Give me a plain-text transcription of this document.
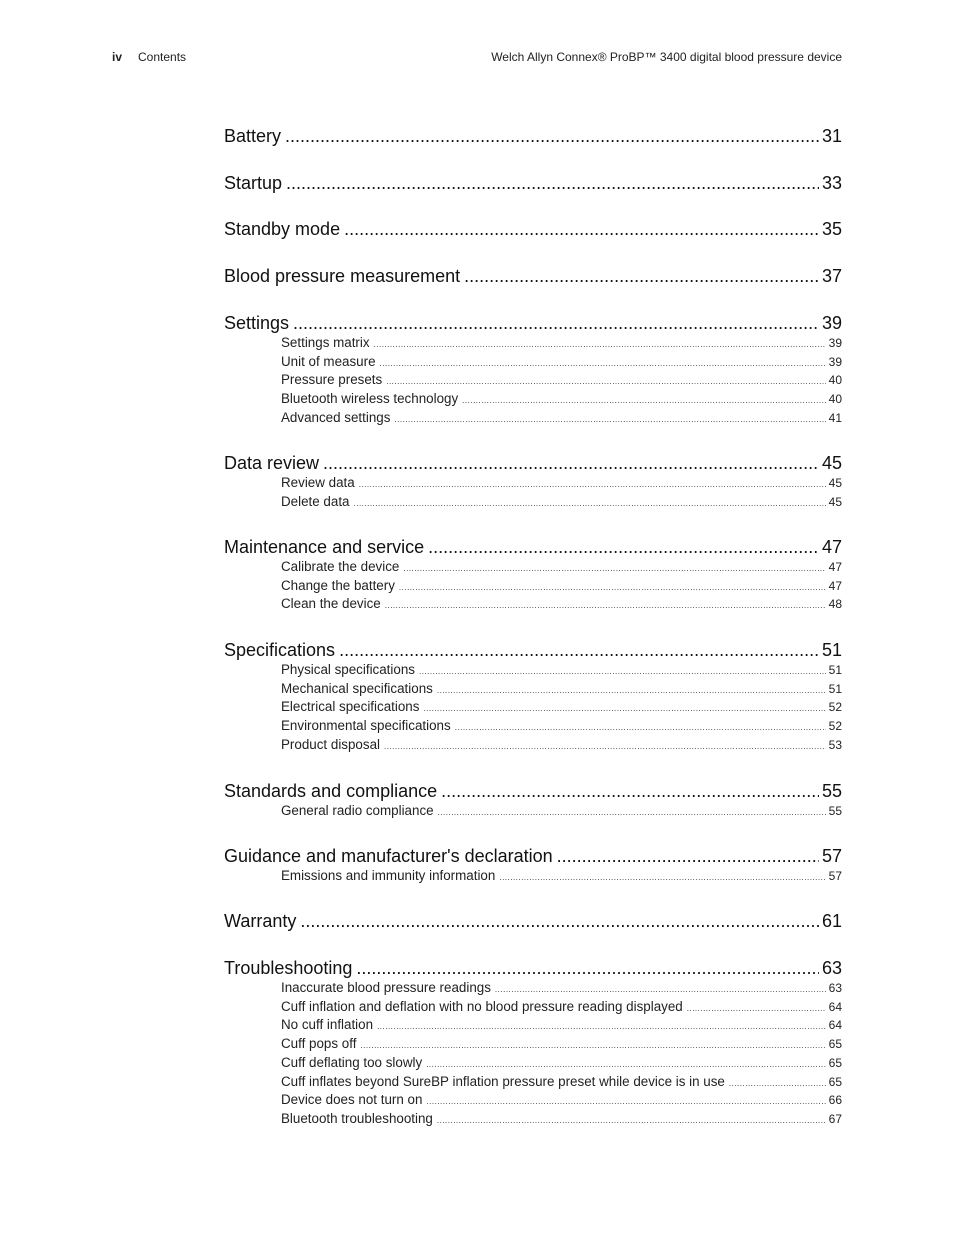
iv Contents	Welch Allyn Connex® ProBP™ 3400 digital blood pressure device
Battery .....	31
Startup .....	33
Standby mode .....	35
Blood pressure measurement .....	37
Settings .....	39
Settings matrix .....	39
Unit of measure .....	39
Pressure presets .....	40
Bluetooth wireless technology .....	40
Advanced settings .....	41
Data review .....	45
Review data .....	45
Delete data .....	45
Maintenance and service .....	47
Calibrate the device .....	47
Change the battery .....	47
Clean the device .....	48
Specifications .....	51
Physical specifications .....	51
Mechanical specifications .....	51
Electrical specifications .....	52
Environmental specifications .....	52
Product disposal .....	53
Standards and compliance .....	55
General radio compliance .....	55
Guidance and manufacturer's declaration .....	57
Emissions and immunity information .....	57
Warranty .....	61
Troubleshooting .....	63
Inaccurate blood pressure readings .....	63
Cuff inflation and deflation with no blood pressure reading displayed .....	64
No cuff inflation .....	64
Cuff pops off .....	65
Cuff deflating too slowly .....	65
Cuff inflates beyond SureBP inflation pressure preset while device is in use .....	65
Device does not turn on .....	66
Bluetooth troubleshooting .....	67
